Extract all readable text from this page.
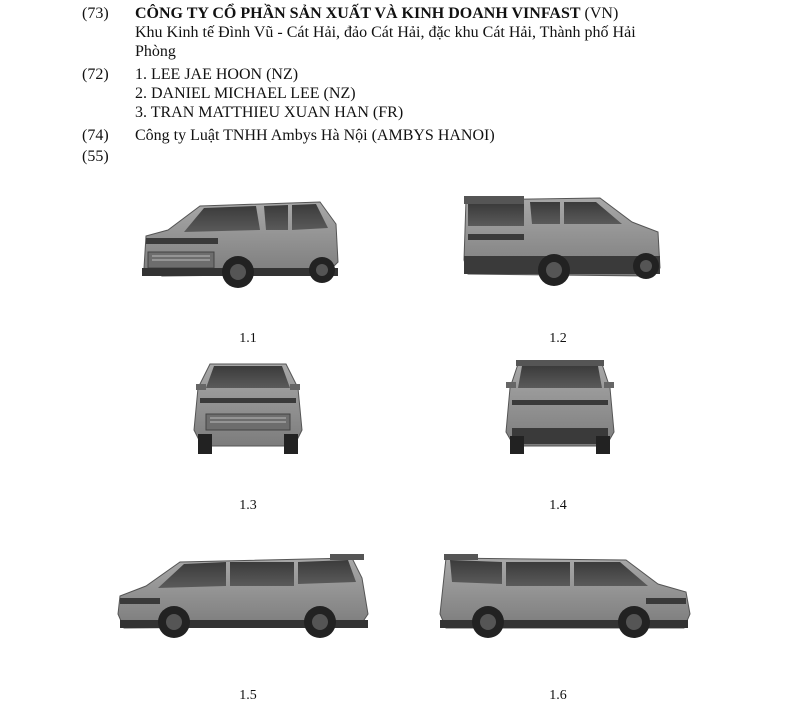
(73)	CÔNG TY CỔ PHẦN SẢN XUẤT VÀ KINH DOANH VINFAST (VN)
Khu Kinh tế Đình Vũ - Cát Hải, đảo Cát Hải, đặc khu Cát Hải, Thành phố Hải
Phòng
(72)	1. LEE JAE HOON (NZ)
2. DANIEL MICHAEL LEE (NZ)
3. TRAN MATTHIEU XUAN HAN (FR)
(74)	Công ty Luật TNHH Ambys Hà Nội (AMBYS HANOI)
(55)
1.1	1.2
1.3	1.4
1.5	1.6
